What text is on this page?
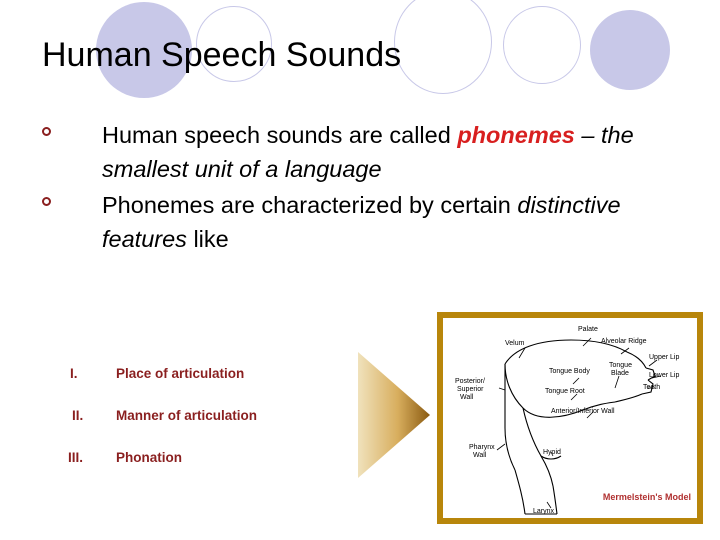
Human Speech Sounds
Human speech sounds are called phonemes – the smallest unit of a language
Phonemes are characterized by certain distinctive features like
I.	Place of articulation
II.	Manner of articulation
III.	Phonation
Palate
Alveolar Ridge
Velum
Upper Lip
Tongue
Blade	Lower Lip
Tongue Body
Teeth
Posterior/
Superior
Wall
Tongue Root
Anterior/Inferior Wall
Pharynx
Wall	Hyoid
Larynx
Mermelstein's Model
